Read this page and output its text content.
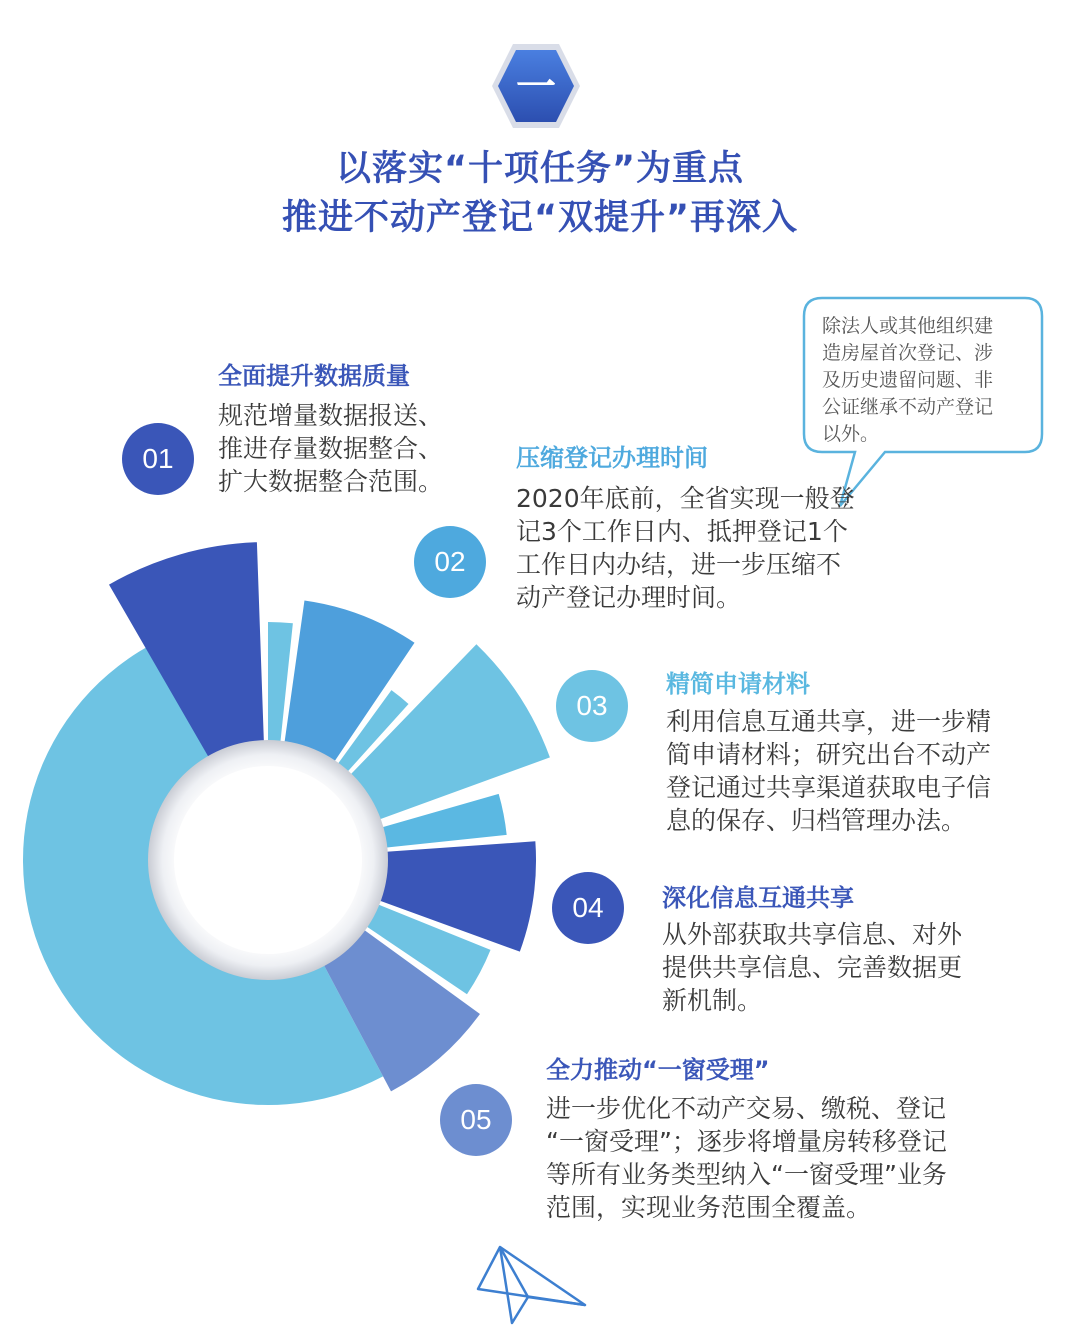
一
以落实“十项任务”为重点
推进不动产登记“双提升”再深入
除法人或其他组织建
造房屋首次登记、涉
及历史遗留问题、非
公证继承不动产登记
以外。
01
全面提升数据质量
规范增量数据报送、
推进存量数据整合、
扩大数据整合范围。
02
压缩登记办理时间
2020年底前，全省实现一般登
记3个工作日内、抵押登记1个
工作日内办结，进一步压缩不
动产登记办理时间。
03
精简申请材料
利用信息互通共享，进一步精
简申请材料；研究出台不动产
登记通过共享渠道获取电子信
息的保存、归档管理办法。
04	深化信息互通共享
从外部获取共享信息、对外
提供共享信息、完善数据更
新机制。
05
全力推动“一窗受理”
进一步优化不动产交易、缴税、登记
“一窗受理”；逐步将增量房转移登记
等所有业务类型纳入“一窗受理”业务
范围，实现业务范围全覆盖。
